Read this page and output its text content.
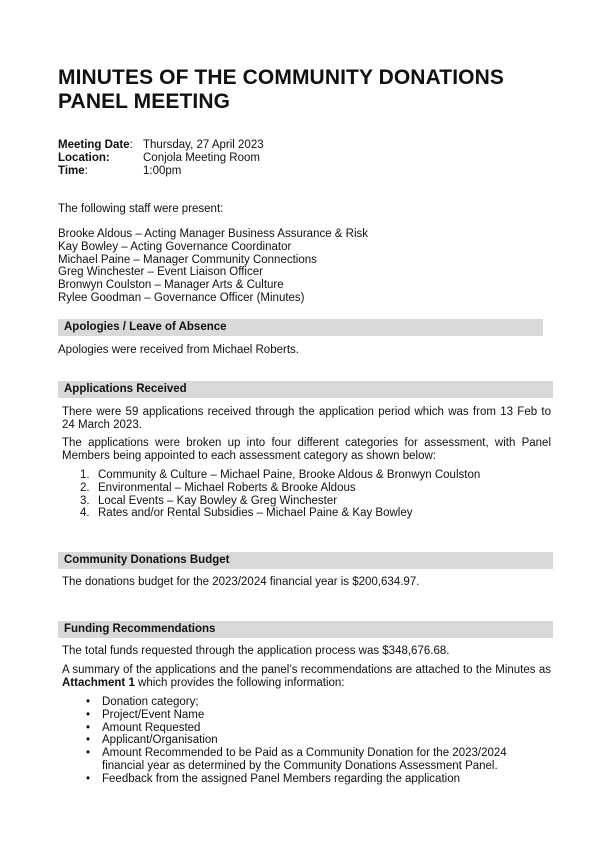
MINUTES OF THE COMMUNITY DONATIONS PANEL MEETING
Meeting Date: Thursday, 27 April 2023
Location:	Conjola Meeting Room
Time:	1:00pm

The following staff were present:

Brooke Aldous – Acting Manager Business Assurance & Risk
Kay Bowley – Acting Governance Coordinator
Michael Paine – Manager Community Connections
Greg Winchester – Event Liaison Officer
Bronwyn Coulston – Manager Arts & Culture
Rylee Goodman – Governance Officer (Minutes)
Apologies / Leave of Absence

Apologies were received from Michael Roberts.

Applications Received

There were 59 applications received through the application period which was from 13 Feb to 24 March 2023.

The applications were broken up into four different categories for assessment, with Panel Members being appointed to each assessment category as shown below:

1. Community & Culture – Michael Paine, Brooke Aldous & Bronwyn Coulston
2. Environmental – Michael Roberts & Brooke Aldous
3. Local Events – Kay Bowley & Greg Winchester
4. Rates and/or Rental Subsidies – Michael Paine & Kay Bowley
Community Donations Budget

The donations budget for the 2023/2024 financial year is $200,634.97.

Funding Recommendations

The total funds requested through the application process was $348,676.68.

A summary of the applications and the panel’s recommendations are attached to the Minutes as Attachment 1 which provides the following information:

•	Donation category;
•	Project/Event Name
•	Amount Requested
•	Applicant/Organisation
•	Amount Recommended to be Paid as a Community Donation for the 2023/2024 financial year as determined by the Community Donations Assessment Panel.
•	Feedback from the assigned Panel Members regarding the application
